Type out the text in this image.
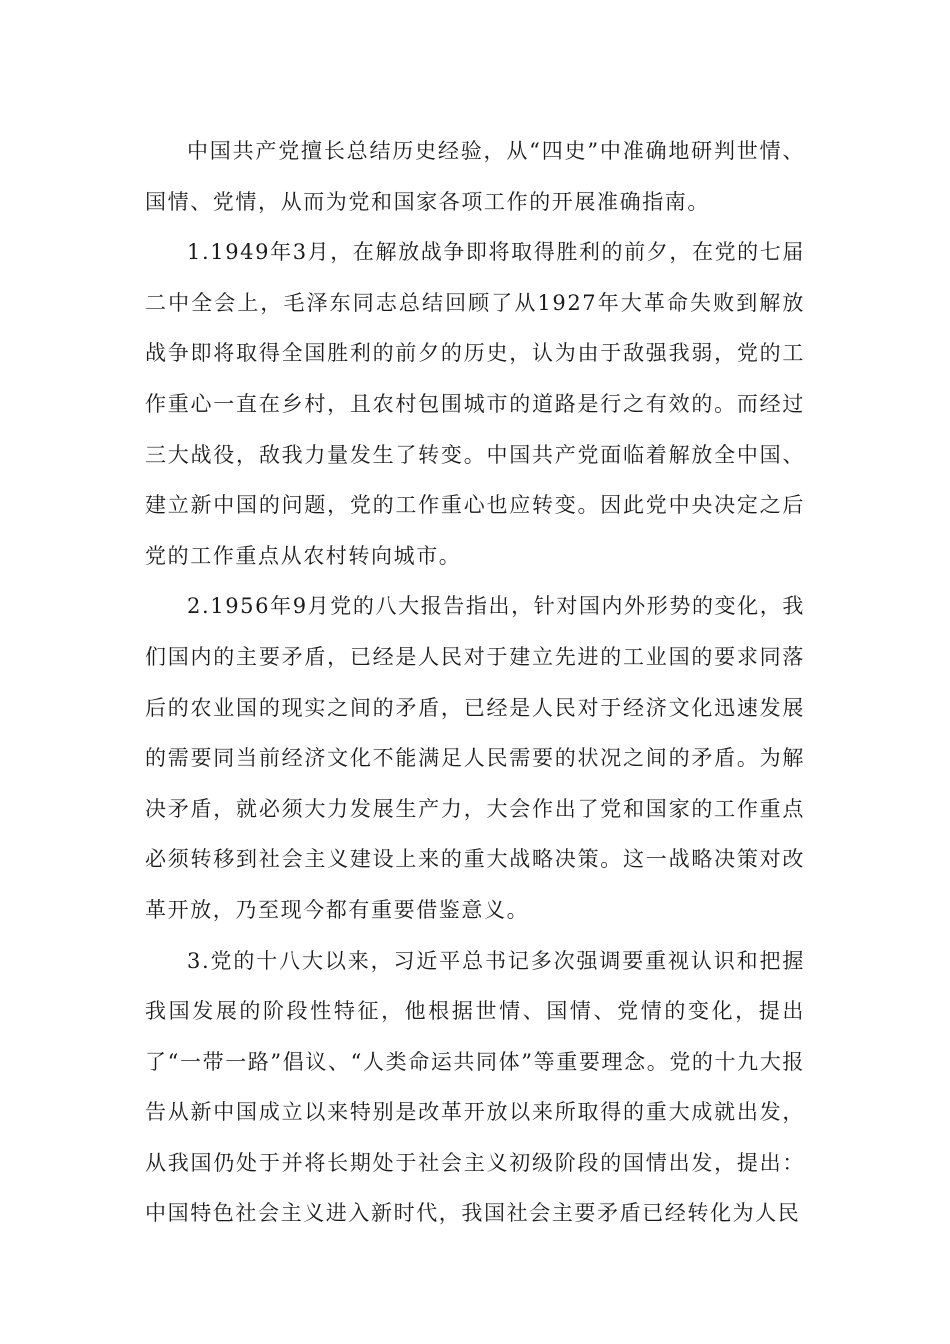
中国共产党擅长总结历史经验，从“四史”中准确地研判世情、国情、党情，从而为党和国家各项工作的开展准确指南。

1.1949年3月，在解放战争即将取得胜利的前夕，在党的七届二中全会上，毛泽东同志总结回顾了从1927年大革命失败到解放战争即将取得全国胜利的前夕的历史，认为由于敌强我弱，党的工作重心一直在乡村，且农村包围城市的道路是行之有效的。而经过三大战役，敌我力量发生了转变。中国共产党面临着解放全中国、建立新中国的问题，党的工作重心也应转变。因此党中央决定之后党的工作重点从农村转向城市。

2.1956年9月党的八大报告指出，针对国内外形势的变化，我们国内的主要矛盾，已经是人民对于建立先进的工业国的要求同落后的农业国的现实之间的矛盾，已经是人民对于经济文化迅速发展的需要同当前经济文化不能满足人民需要的状况之间的矛盾。为解决矛盾，就必须大力发展生产力，大会作出了党和国家的工作重点必须转移到社会主义建设上来的重大战略决策。这一战略决策对改革开放，乃至现今都有重要借鉴意义。

3.党的十八大以来，习近平总书记多次强调要重视认识和把握我国发展的阶段性特征，他根据世情、国情、党情的变化，提出了“一带一路”倡议、“人类命运共同体”等重要理念。党的十九大报告从新中国成立以来特别是改革开放以来所取得的重大成就出发，从我国仍处于并将长期处于社会主义初级阶段的国情出发，提出：中国特色社会主义进入新时代，我国社会主要矛盾已经转化为人民
